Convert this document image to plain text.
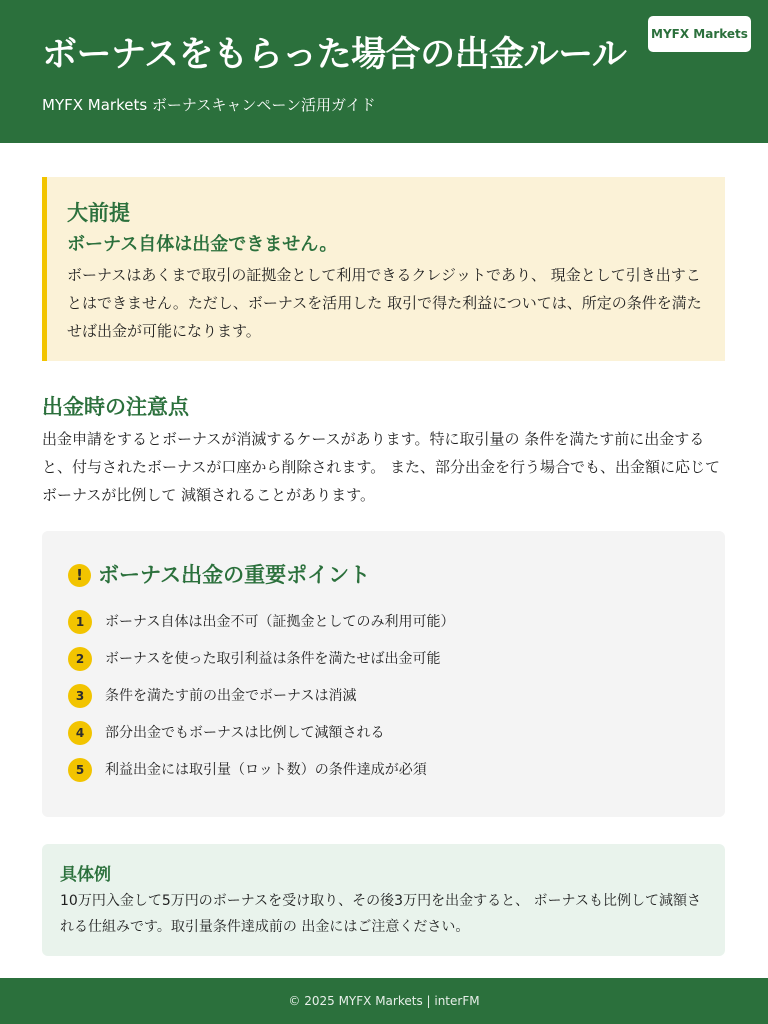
ボーナスをもらった場合の出金ルール

MYFX Markets ボーナスキャンペーン活用ガイド

MYFX Markets
大前提

ボーナス自体は出金できません。

ボーナスはあくまで取引の証拠金として利用できるクレジットであり、 現金として引き出すことはできません。ただし、ボーナスを活用した 取引で得た利益については、所定の条件を満たせば出金が可能になります。

出金時の注意点

出金申請をするとボーナスが消滅するケースがあります。特に取引量の 条件を満たす前に出金すると、付与されたボーナスが口座から削除されます。 また、部分出金を行う場合でも、出金額に応じてボーナスが比例して 減額されることがあります。

! ボーナス出金の重要ポイント
1	ボーナス自体は出金不可（証拠金としてのみ利用可能）
2	ボーナスを使った取引利益は条件を満たせば出金可能
3	条件を満たす前の出金でボーナスは消滅
4	部分出金でもボーナスは比例して減額される
5	利益出金には取引量（ロット数）の条件達成が必須
具体例

10万円入金して5万円のボーナスを受け取り、その後3万円を出金すると、 ボーナスも比例して減額される仕組みです。取引量条件達成前の 出金にはご注意ください。

© 2025 MYFX Markets | interFM
